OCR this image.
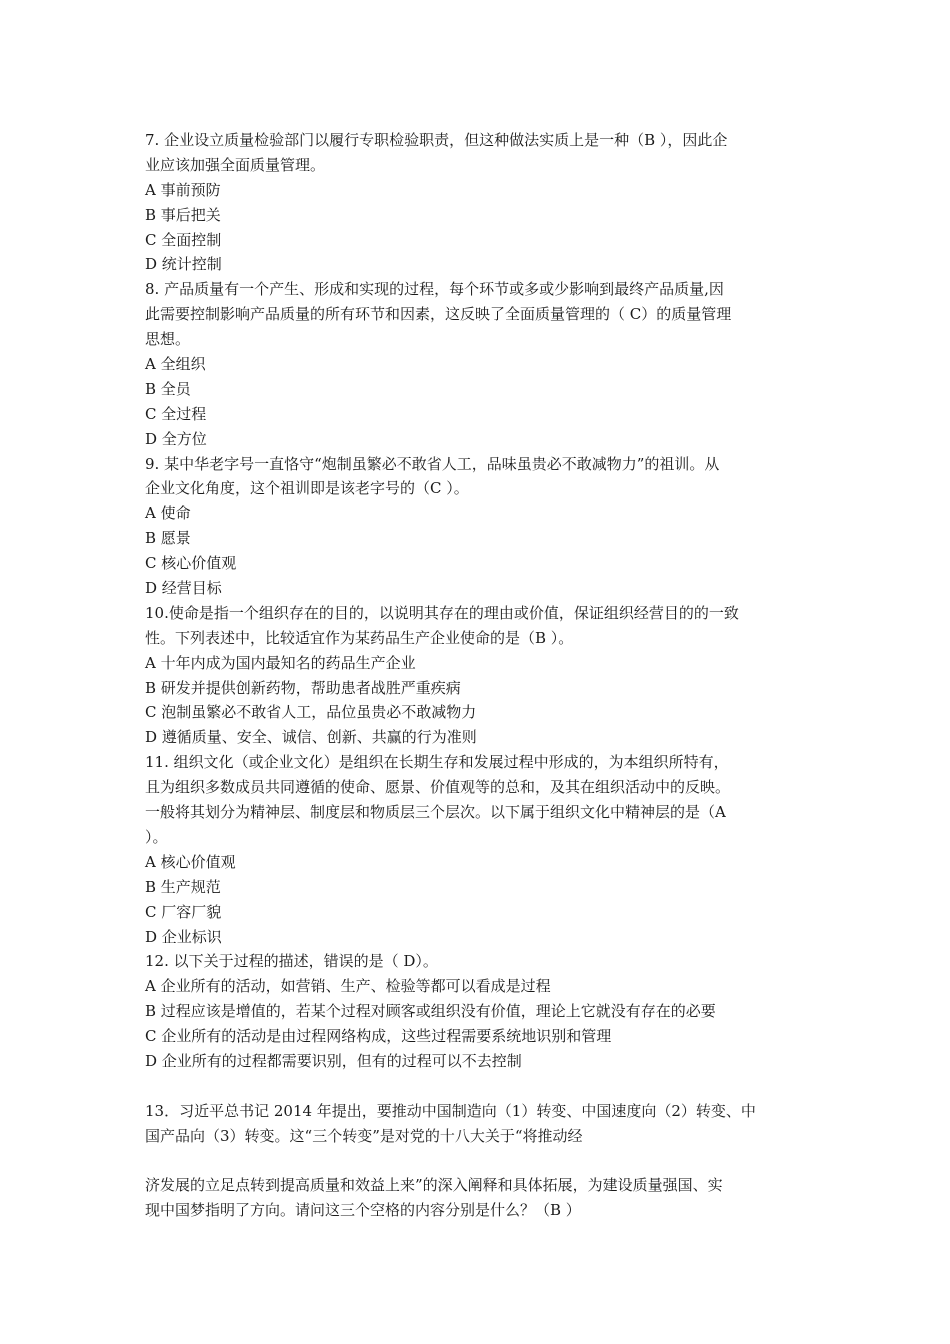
7. 企业设立质量检验部门以履行专职检验职责，但这种做法实质上是一种（B ），因此企
业应该加强全面质量管理。
A 事前预防
B 事后把关
C 全面控制
D 统计控制
8. 产品质量有一个产生、形成和实现的过程，每个环节或多或少影响到最终产品质量,因
此需要控制影响产品质量的所有环节和因素，这反映了全面质量管理的（ C）的质量管理
思想。
A 全组织
B 全员
C 全过程
D 全方位
9. 某中华老字号一直恪守“炮制虽繁必不敢省人工，品味虽贵必不敢减物力”的祖训。从
企业文化角度，这个祖训即是该老字号的（C ）。
A 使命
B 愿景
C 核心价值观
D 经营目标
10.使命是指一个组织存在的目的，以说明其存在的理由或价值，保证组织经营目的的一致
性。下列表述中，比较适宜作为某药品生产企业使命的是（B ）。
A 十年内成为国内最知名的药品生产企业
B 研发并提供创新药物，帮助患者战胜严重疾病
C 泡制虽繁必不敢省人工，品位虽贵必不敢减物力
D 遵循质量、安全、诚信、创新、共赢的行为准则
11. 组织文化（或企业文化）是组织在长期生存和发展过程中形成的，为本组织所特有，
且为组织多数成员共同遵循的使命、愿景、价值观等的总和，及其在组织活动中的反映。
一般将其划分为精神层、制度层和物质层三个层次。以下属于组织文化中精神层的是（A
）。
A 核心价值观
B 生产规范
C 厂容厂貌
D 企业标识
12. 以下关于过程的描述，错误的是（ D）。
A 企业所有的活动，如营销、生产、检验等都可以看成是过程
B 过程应该是增值的，若某个过程对顾客或组织没有价值，理论上它就没有存在的必要
C 企业所有的活动是由过程网络构成，这些过程需要系统地识别和管理
D 企业所有的过程都需要识别，但有的过程可以不去控制
13．习近平总书记 2014 年提出，要推动中国制造向（1）转变、中国速度向（2）转变、中
国产品向（3）转变。这“三个转变”是对党的十八大关于“将推动经
济发展的立足点转到提高质量和效益上来”的深入阐释和具体拓展，为建设质量强国、实
现中国梦指明了方向。请问这三个空格的内容分别是什么？（B ）
